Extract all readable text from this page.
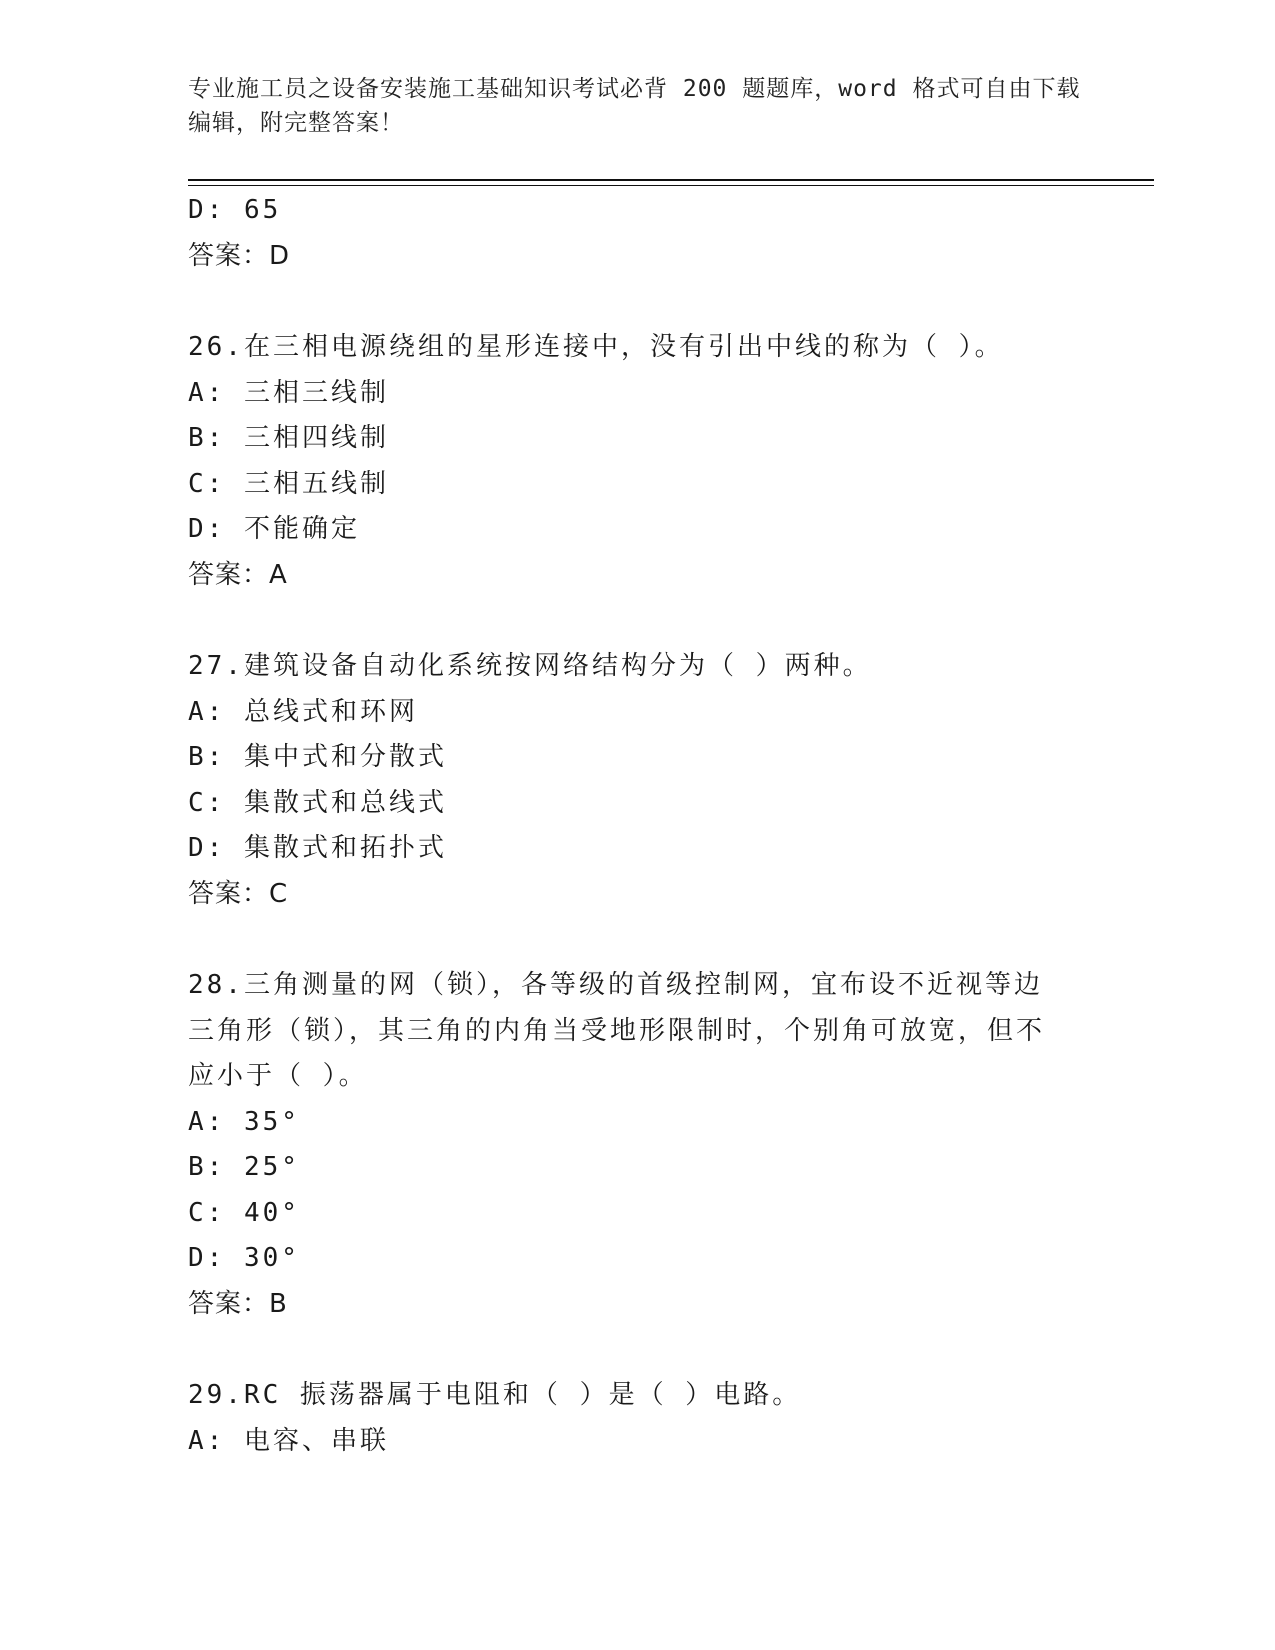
专业施工员之设备安装施工基础知识考试必背 200 题题库，word 格式可自由下载
编辑，附完整答案！
D: 65
答案：D
26.在三相电源绕组的星形连接中，没有引出中线的称为（ ）。
A: 三相三线制
B: 三相四线制
C: 三相五线制
D: 不能确定
答案：A
27.建筑设备自动化系统按网络结构分为（ ）两种。
A: 总线式和环网
B: 集中式和分散式
C: 集散式和总线式
D: 集散式和拓扑式
答案：C
28.三角测量的网（锁），各等级的首级控制网，宜布设不近视等边三角形（锁），其三角的内角当受地形限制时，个别角可放宽，但不应小于（ ）。
A: 35°
B: 25°
C: 40°
D: 30°
答案：B
29.RC 振荡器属于电阻和（ ）是（ ）电路。
A: 电容、串联
